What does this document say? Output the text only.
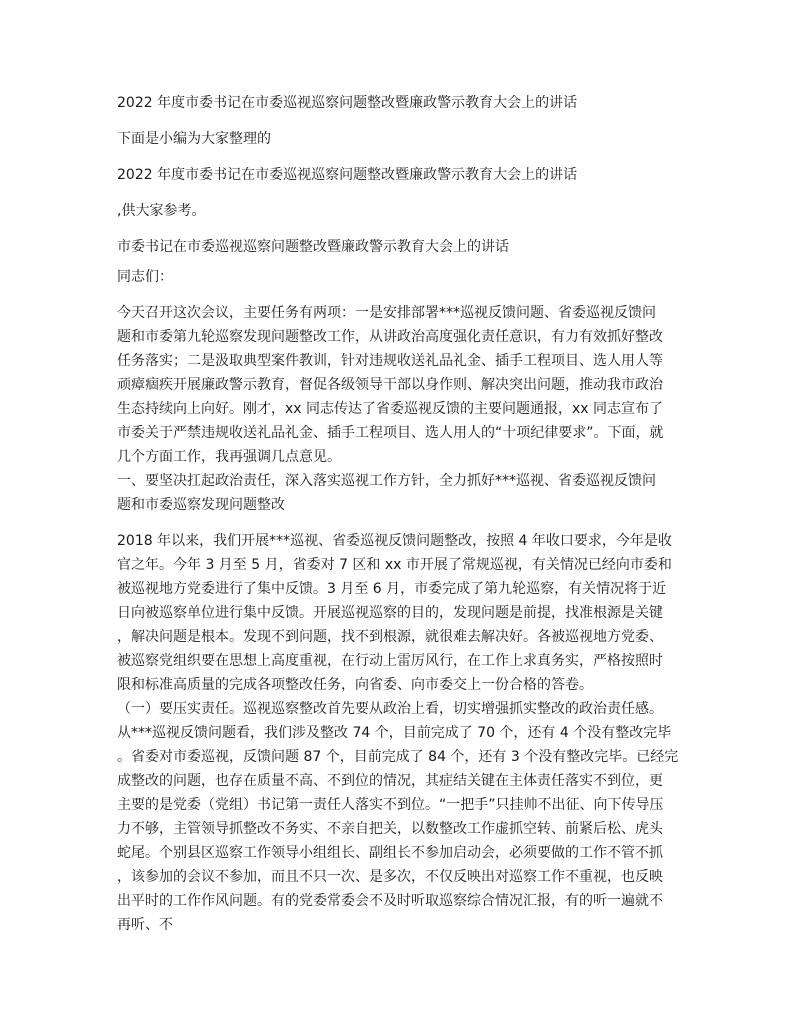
2022 年度市委书记在市委巡视巡察问题整改暨廉政警示教育大会上的讲话

下面是小编为大家整理的

2022 年度市委书记在市委巡视巡察问题整改暨廉政警示教育大会上的讲话

,供大家参考。

市委书记在市委巡视巡察问题整改暨廉政警示教育大会上的讲话

同志们：

今天召开这次会议，主要任务有两项：一是安排部署***巡视反馈问题、省委巡视反馈问
题和市委第九轮巡察发现问题整改工作，从讲政治高度强化责任意识，有力有效抓好整改
任务落实；二是汲取典型案件教训，针对违规收送礼品礼金、插手工程项目、选人用人等
顽瘴痼疾开展廉政警示教育，督促各级领导干部以身作则、解决突出问题，推动我市政治
生态持续向上向好。刚才，xx 同志传达了省委巡视反馈的主要问题通报，xx 同志宣布了
市委关于严禁违规收送礼品礼金、插手工程项目、选人用人的“十项纪律要求”。下面，就
几个方面工作，我再强调几点意见。
一、要坚决扛起政治责任，深入落实巡视工作方针，全力抓好***巡视、省委巡视反馈问
题和市委巡察发现问题整改
2018 年以来，我们开展***巡视、省委巡视反馈问题整改，按照 4 年收口要求，今年是收
官之年。今年 3 月至 5 月，省委对 7 区和 xx 市开展了常规巡视，有关情况已经向市委和
被巡视地方党委进行了集中反馈。3 月至 6 月，市委完成了第九轮巡察，有关情况将于近
日向被巡察单位进行集中反馈。开展巡视巡察的目的，发现问题是前提，找准根源是关键
，解决问题是根本。发现不到问题，找不到根源，就很难去解决好。各被巡视地方党委、
被巡察党组织要在思想上高度重视，在行动上雷厉风行，在工作上求真务实，严格按照时
限和标准高质量的完成各项整改任务，向省委、向市委交上一份合格的答卷。
（一）要压实责任。巡视巡察整改首先要从政治上看，切实增强抓实整改的政治责任感。
从***巡视反馈问题看，我们涉及整改 74 个，目前完成了 70 个，还有 4 个没有整改完毕
。省委对市委巡视，反馈问题 87 个，目前完成了 84 个，还有 3 个没有整改完毕。已经完
成整改的问题，也存在质量不高、不到位的情况，其症结关键在主体责任落实不到位，更
主要的是党委（党组）书记第一责任人落实不到位。“一把手”只挂帅不出征、向下传导压
力不够，主管领导抓整改不务实、不亲自把关，以数整改工作虚抓空转、前紧后松、虎头
蛇尾。个别县区巡察工作领导小组组长、副组长不参加启动会，必须要做的工作不管不抓
，该参加的会议不参加，而且不只一次、是多次，不仅反映出对巡察工作不重视，也反映
出平时的工作作风问题。有的党委常委会不及时听取巡察综合情况汇报，有的听一遍就不
再听、不
